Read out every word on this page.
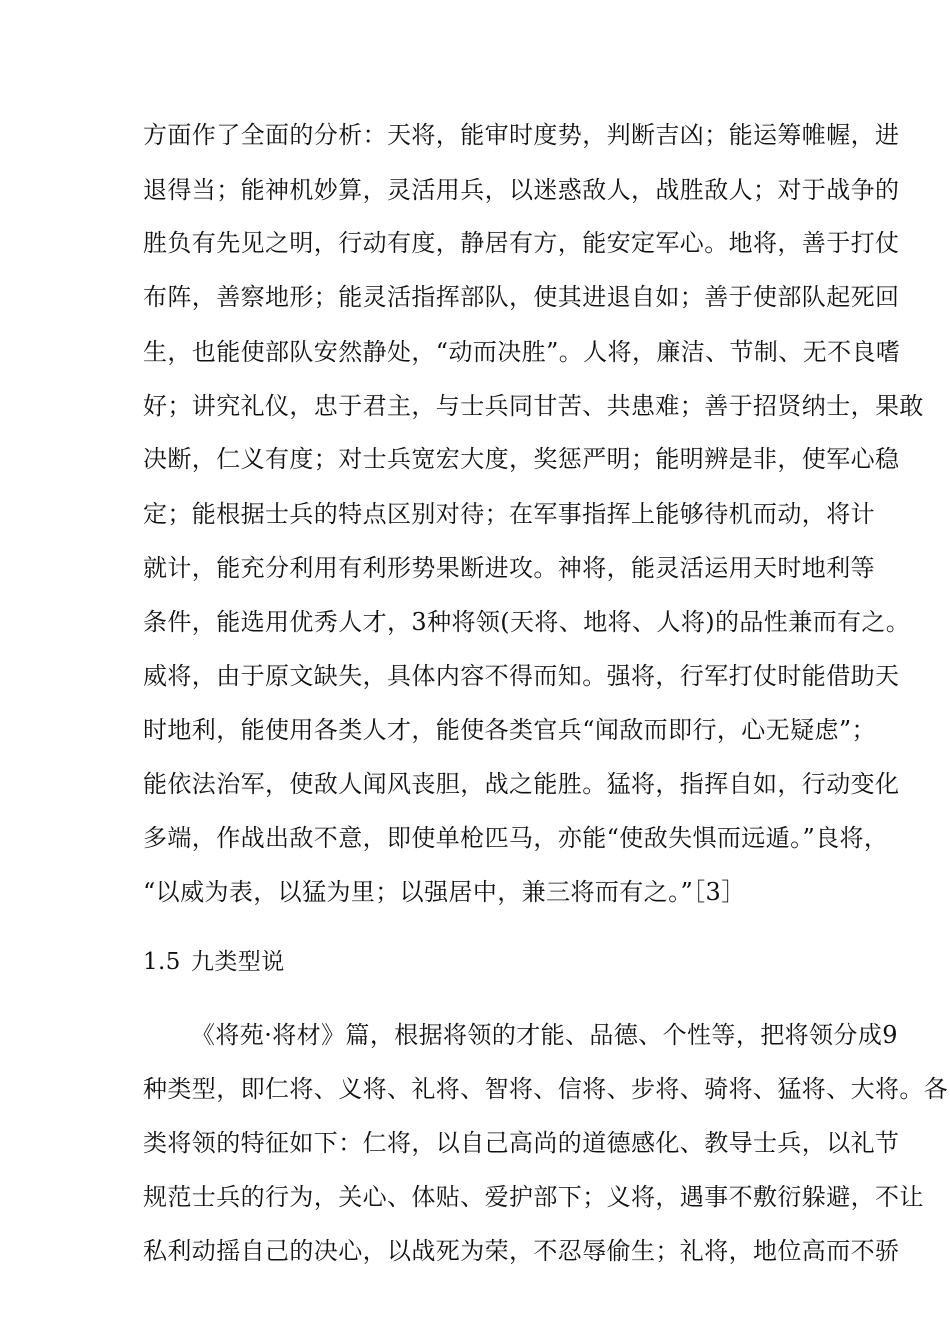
方面作了全面的分析：天将，能审时度势，判断吉凶；能运筹帷幄，进
退得当；能神机妙算，灵活用兵，以迷惑敌人，战胜敌人；对于战争的
胜负有先见之明，行动有度，静居有方，能安定军心。地将，善于打仗
布阵，善察地形；能灵活指挥部队，使其进退自如；善于使部队起死回
生，也能使部队安然静处，“动而决胜”。人将，廉洁、节制、无不良嗜
好；讲究礼仪，忠于君主，与士兵同甘苦、共患难；善于招贤纳士，果敢
决断，仁义有度；对士兵宽宏大度，奖惩严明；能明辨是非，使军心稳
定；能根据士兵的特点区别对待；在军事指挥上能够待机而动，将计
就计，能充分利用有利形势果断进攻。神将，能灵活运用天时地利等
条件，能选用优秀人才，3种将领(天将、地将、人将)的品性兼而有之。
威将，由于原文缺失，具体内容不得而知。强将，行军打仗时能借助天
时地利，能使用各类人才，能使各类官兵“闻敌而即行，心无疑虑”；
能依法治军，使敌人闻风丧胆，战之能胜。猛将，指挥自如，行动变化
多端，作战出敌不意，即使单枪匹马，亦能“使敌失惧而远遁。”良将，
“以威为表，以猛为里；以强居中，兼三将而有之。”［3］
1.5 九类型说
《将苑·将材》篇，根据将领的才能、品德、个性等，把将领分成9
种类型，即仁将、义将、礼将、智将、信将、步将、骑将、猛将、大将。各
类将领的特征如下：仁将，以自己高尚的道德感化、教导士兵，以礼节
规范士兵的行为，关心、体贴、爱护部下；义将，遇事不敷衍躲避，不让
私利动摇自己的决心，以战死为荣，不忍辱偷生；礼将，地位高而不骄
